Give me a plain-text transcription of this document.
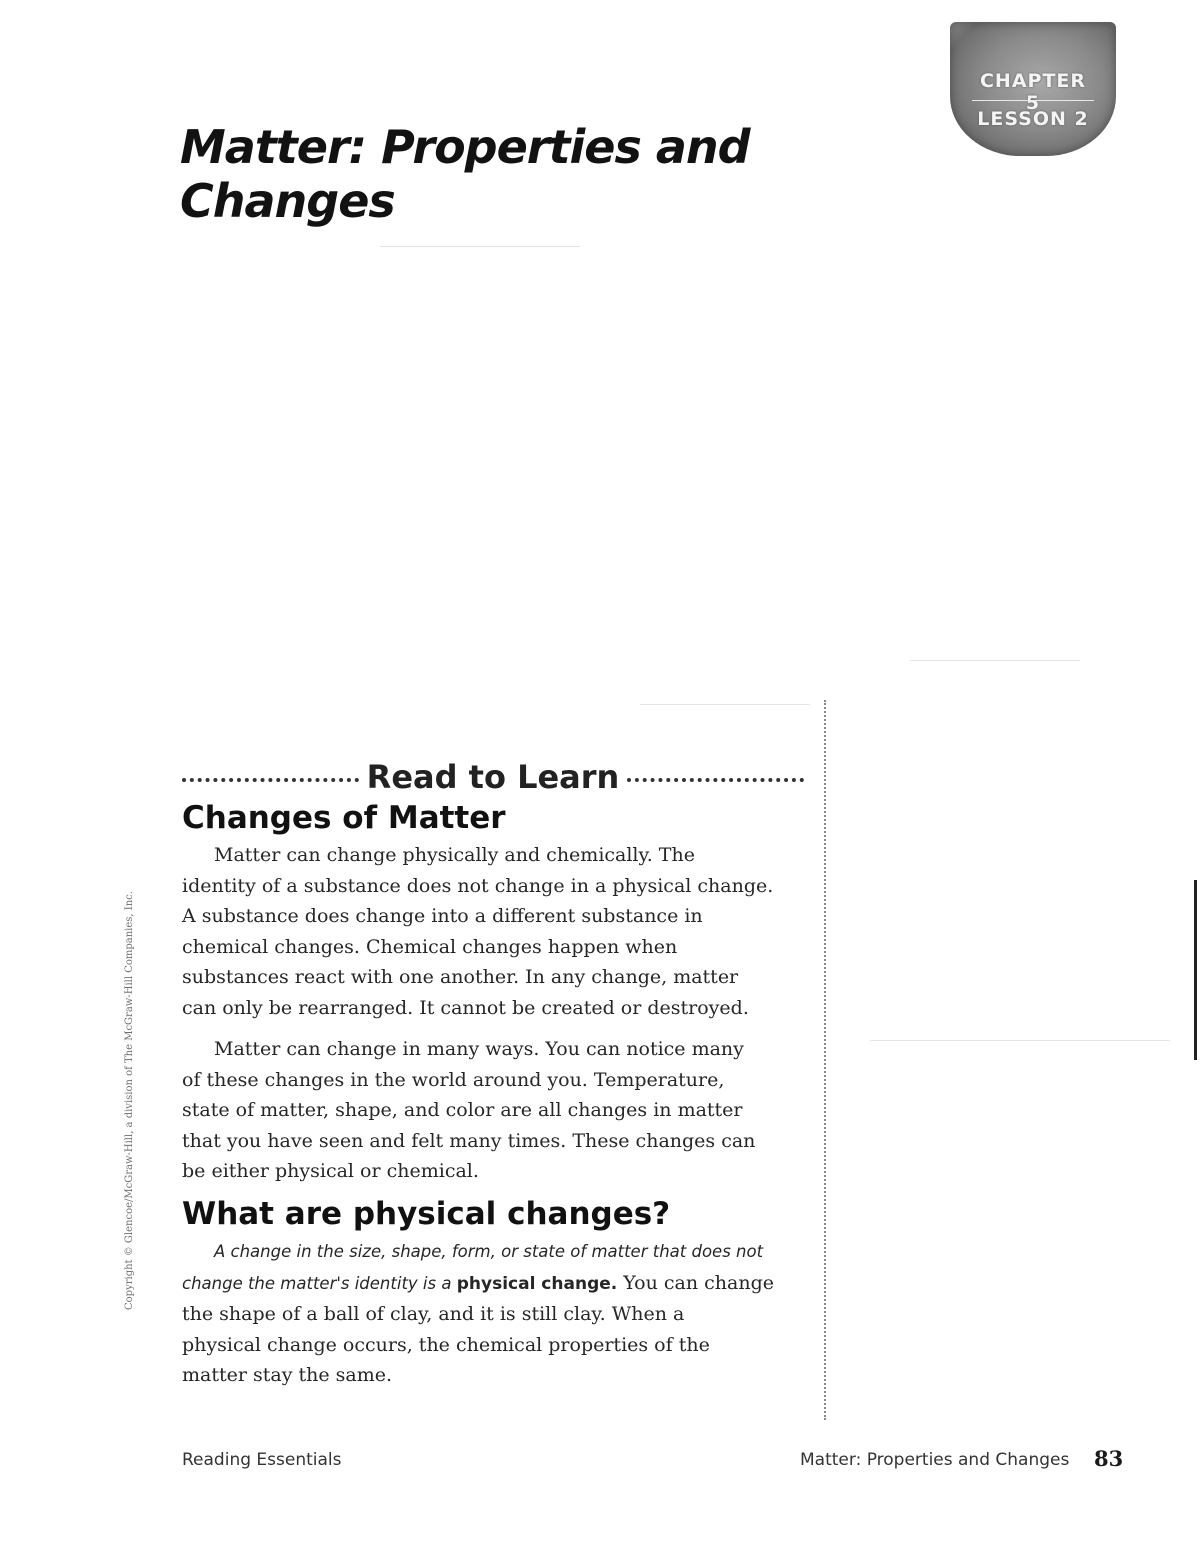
CHAPTER 5
LESSON 2
Matter: Properties and
Changes
Read to Learn
Changes of Matter

Matter can change physically and chemically. The
identity of a substance does not change in a physical change.
A substance does change into a different substance in
chemical changes. Chemical changes happen when
substances react with one another. In any change, matter
can only be rearranged. It cannot be created or destroyed.

Matter can change in many ways. You can notice many
of these changes in the world around you. Temperature,
state of matter, shape, and color are all changes in matter
that you have seen and felt many times. These changes can
be either physical or chemical.

What are physical changes?

A change in the size, shape, form, or state of matter that does not
change the matter's identity is a physical change. You can change
the shape of a ball of clay, and it is still clay. When a
physical change occurs, the chemical properties of the
matter stay the same.

Copyright © Glencoe/McGraw-Hill, a division of The McGraw-Hill Companies, Inc.
Reading Essentials	Matter: Properties and Changes 83
